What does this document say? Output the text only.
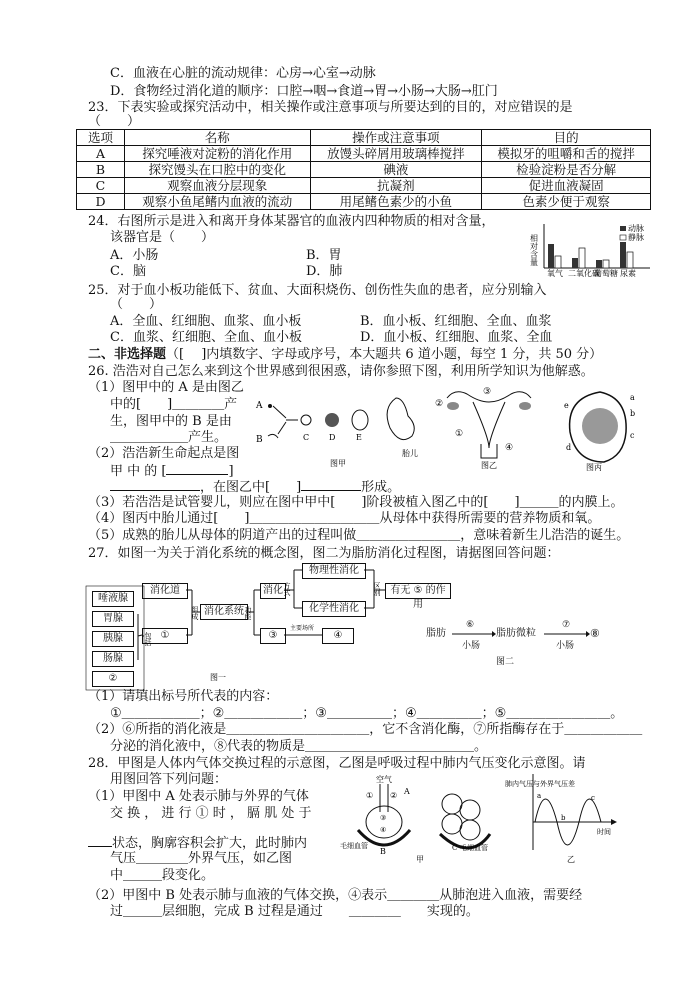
C．血液在心脏的流动规律：心房→心室→动脉
D．食物经过消化道的顺序：口腔→咽→食道→胃→小肠→大肠→肛门
23．下表实验或探究活动中，相关操作或注意事项与所要达到的目的，对应错误的是
（　　）
选项	名称	操作或注意事项	目的
A	探究唾液对淀粉的消化作用	放馒头碎屑用玻璃棒搅拌	模拟牙的咀嚼和舌的搅拌
B	探究馒头在口腔中的变化	碘液	检验淀粉是否分解
C	观察血液分层现象	抗凝剂	促进血液凝固
D	观察小鱼尾鳍内血液的流动	用尾鳍色素少的小鱼	色素少便于观察
24．右图所示是进入和离开身体某器官的血液内四种物质的相对含量，
该器官是（　　）
A．小肠	B．胃
C．脑	D．肺
相对含量
氧气 二氧化碳
葡萄糖 尿素
动脉
静脉
25．对于血小板功能低下、贫血、大面积烧伤、创伤性失血的患者，应分别输入
（　　）
A．全血、红细胞、血浆、血小板	B．血小板、红细胞、全血、血浆
C．血浆、红细胞、全血、血小板	D．血小板、红细胞、血浆、全血
二、非选择题（[　 ]内填数字、字母或序号，本大题共 6 道小题，每空 1 分，共 50 分）
26. 浩浩对自己怎么来到这个世界感到很困惑，请你参照下图，利用所学知识为他解惑。
（1）图甲中的 A 是由图乙
中的[　　]＿＿＿＿产
生，图甲中的 B 是由
＿＿＿＿＿＿产生。
（2）浩浩新生命起点是图
甲 中 的 [	]
，在图乙中[　　]	形成。
（3）若浩浩是试管婴儿，则应在图中甲中[　　]阶段被植入图乙中的[　　]＿＿＿的内膜上。
（4）图丙中胎儿通过[　　]＿＿＿＿＿＿＿＿＿＿从母体中获得所需要的营养物质和氧。
（5）成熟的胎儿从母体的阴道产出的过程叫做＿＿＿＿＿＿＿＿，意味着新生儿浩浩的诞生。
A
B	C D	E
胎儿
图甲
②
③
①
④
图乙
a
b
c
d
e
图丙
27．如图一为关于消化系统的概念图，图二为脂肪消化过程图，请据图回答问题：
唾液腺
胃腺
胰腺
肠腺
②
消化道
①
消化系统
消化
③
物理性消化
化学性消化
④
有无 ⑤ 的作用
包括
组成	功能
方式	区别
主要场所
图一
脂肪	脂肪微粒
⑥
小肠
⑦
小肠
⑧
图二
（1）请填出标号所代表的内容：
①＿＿＿＿＿＿；②＿＿＿＿＿＿；③＿＿＿＿＿；④＿＿＿＿＿；⑤＿＿＿＿＿＿＿＿。
（2）⑥所指的消化液是＿＿＿＿＿＿＿＿＿＿＿，它不含消化酶，⑦所指酶存在于＿＿＿＿＿＿
分泌的消化液中，⑧代表的物质是＿＿＿＿＿＿＿＿＿＿＿＿＿。
28．甲图是人体内气体交换过程的示意图，乙图是呼吸过程中肺内气压变化示意图。请
用图回答下列问题：
（1）甲图中 A 处表示肺与外界的气体
交 换 ， 进 行 ① 时 ， 膈 肌 处 于
状态，胸廓容积会扩大，此时肺内
气压＿＿＿＿外界气压，如乙图
中＿＿＿段变化。
（2）甲图中 B 处表示肺与血液的气体交换，④表示＿＿＿＿从肺泡进入血液，需要经
过＿＿＿层细胞，完成 B 过程是通过　　＿＿＿＿　　实现的。
空气
A
① ②
③
④
B
毛细血管	毛细血管
C
甲
肺内气压与外界气压差
a
b
c
时间
乙
